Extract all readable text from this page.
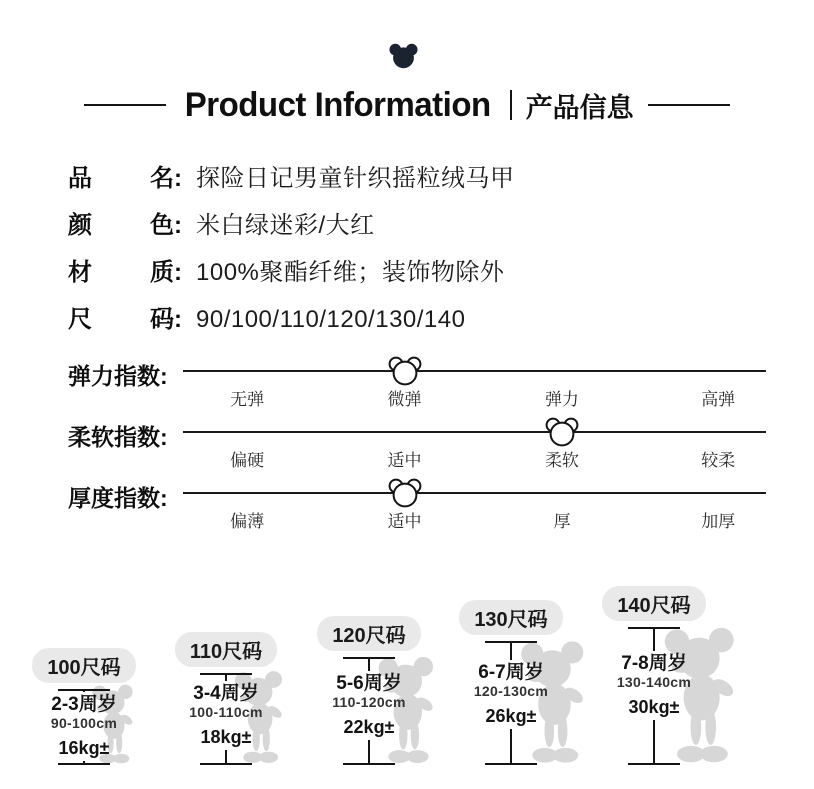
Product Information 产品信息
品 名: 探险日记男童针织摇粒绒马甲
颜 色: 米白绿迷彩/大红
材 质: 100%聚酯纤维；装饰物除外
尺 码: 90/100/110/120/130/140
弹力指数:
无弹	微弹	弹力	高弹
柔软指数:
偏硬	适中	柔软	较柔
厚度指数:
偏薄	适中	厚	加厚
100尺码
2-3周岁
90-100cm
16kg±
110尺码
3-4周岁
100-110cm
18kg±
120尺码
5-6周岁
110-120cm
22kg±
130尺码
6-7周岁
120-130cm
26kg±
140尺码
7-8周岁
130-140cm
30kg±
